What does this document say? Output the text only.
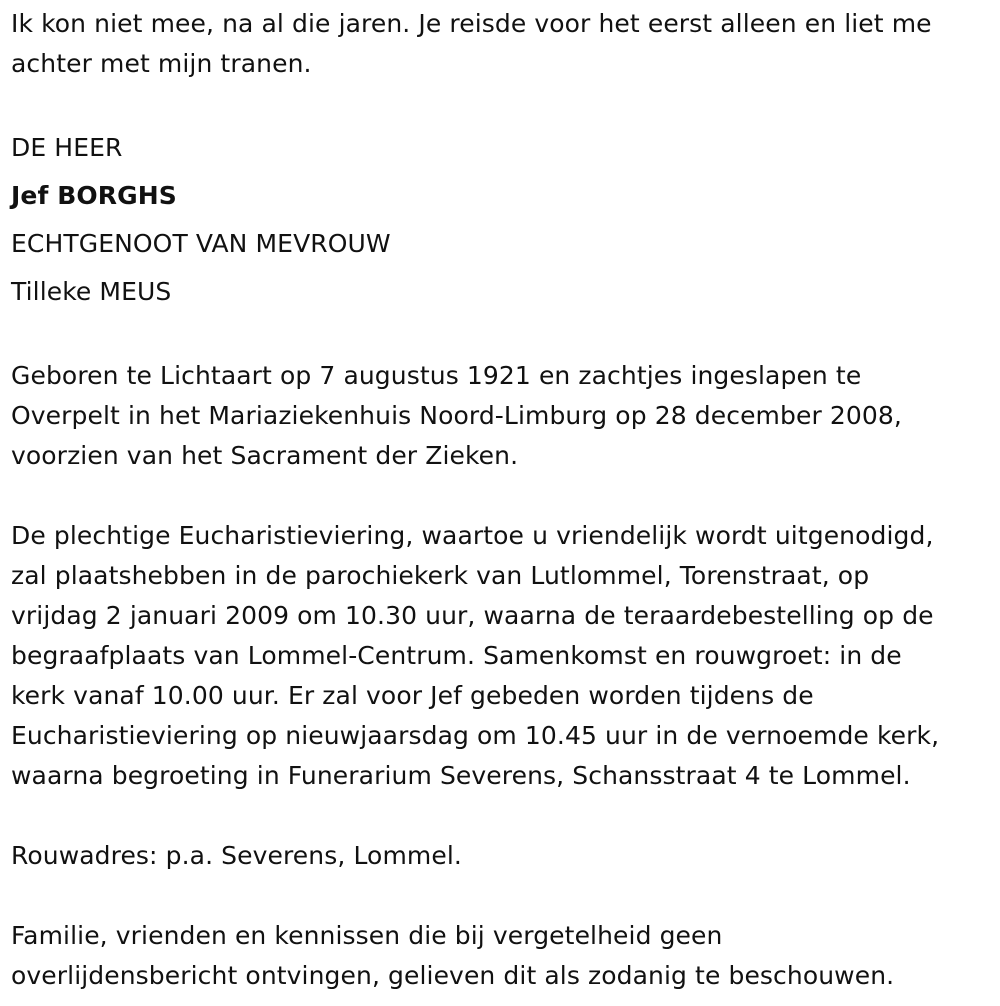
Ik kon niet mee, na al die jaren. Je reisde voor het eerst alleen en liet me

achter met mijn tranen.

DE HEER

Jef BORGHS

ECHTGENOOT VAN MEVROUW

Tilleke MEUS

Geboren te Lichtaart op 7 augustus 1921 en zachtjes ingeslapen te

Overpelt in het Mariaziekenhuis Noord-Limburg op 28 december 2008,

voorzien van het Sacrament der Zieken.

De plechtige Eucharistieviering, waartoe u vriendelijk wordt uitgenodigd,

zal plaatshebben in de parochiekerk van Lutlommel, Torenstraat, op

vrijdag 2 januari 2009 om 10.30 uur, waarna de teraardebestelling op de

begraafplaats van Lommel-Centrum. Samenkomst en rouwgroet: in de

kerk vanaf 10.00 uur. Er zal voor Jef gebeden worden tijdens de

Eucharistieviering op nieuwjaarsdag om 10.45 uur in de vernoemde kerk,

waarna begroeting in Funerarium Severens, Schansstraat 4 te Lommel.

Rouwadres: p.a. Severens, Lommel.

Familie, vrienden en kennissen die bij vergetelheid geen

overlijdensbericht ontvingen, gelieven dit als zodanig te beschouwen.
